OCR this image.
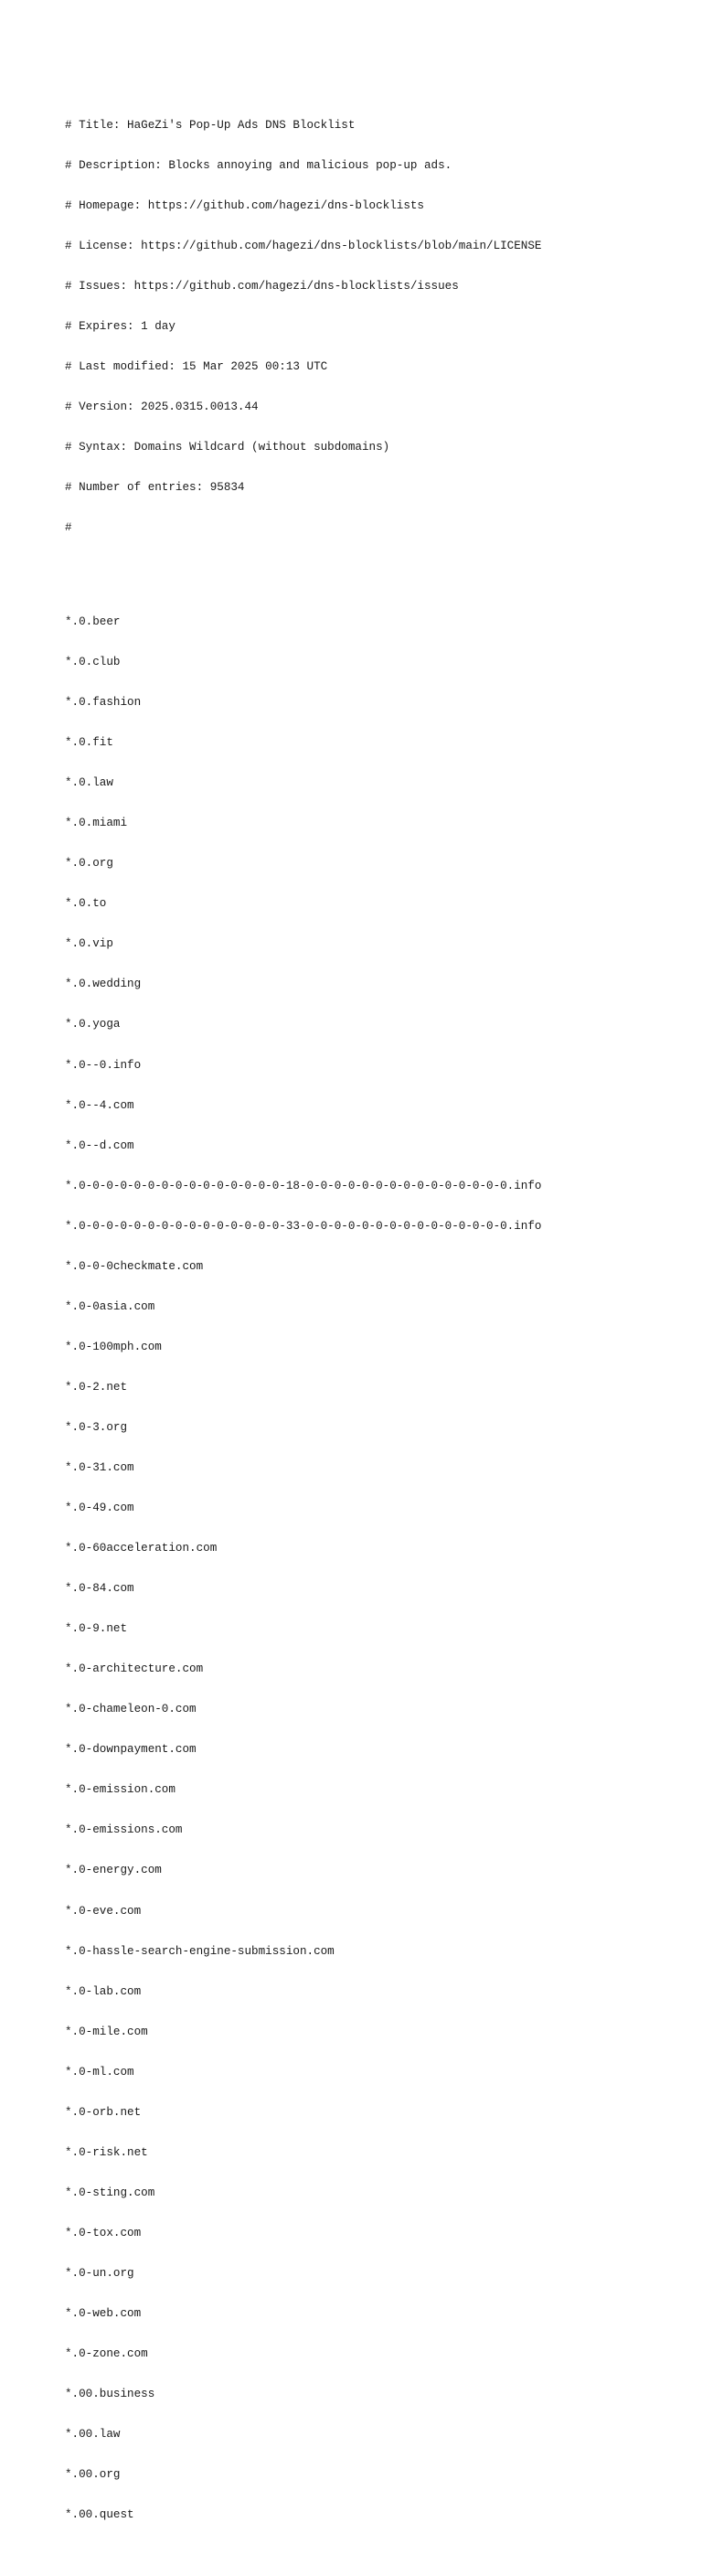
# Title: HaGeZi's Pop-Up Ads DNS Blocklist

# Description: Blocks annoying and malicious pop-up ads.

# Homepage: https://github.com/hagezi/dns-blocklists

# License: https://github.com/hagezi/dns-blocklists/blob/main/LICENSE

# Issues: https://github.com/hagezi/dns-blocklists/issues

# Expires: 1 day

# Last modified: 15 Mar 2025 00:13 UTC

# Version: 2025.0315.0013.44

# Syntax: Domains Wildcard (without subdomains)

# Number of entries: 95834

#

*.0.beer

*.0.club

*.0.fashion

*.0.fit

*.0.law

*.0.miami

*.0.org

*.0.to

*.0.vip

*.0.wedding

*.0.yoga

*.0--0.info

*.0--4.com

*.0--d.com

*.0-0-0-0-0-0-0-0-0-0-0-0-0-0-0-18-0-0-0-0-0-0-0-0-0-0-0-0-0-0-0.info

*.0-0-0-0-0-0-0-0-0-0-0-0-0-0-0-33-0-0-0-0-0-0-0-0-0-0-0-0-0-0-0.info

*.0-0-0checkmate.com

*.0-0asia.com

*.0-100mph.com

*.0-2.net

*.0-3.org

*.0-31.com

*.0-49.com

*.0-60acceleration.com

*.0-84.com

*.0-9.net

*.0-architecture.com

*.0-chameleon-0.com

*.0-downpayment.com

*.0-emission.com

*.0-emissions.com

*.0-energy.com

*.0-eve.com

*.0-hassle-search-engine-submission.com

*.0-lab.com

*.0-mile.com

*.0-ml.com

*.0-orb.net

*.0-risk.net

*.0-sting.com

*.0-tox.com

*.0-un.org

*.0-web.com

*.0-zone.com

*.00.business

*.00.law

*.00.org

*.00.quest
